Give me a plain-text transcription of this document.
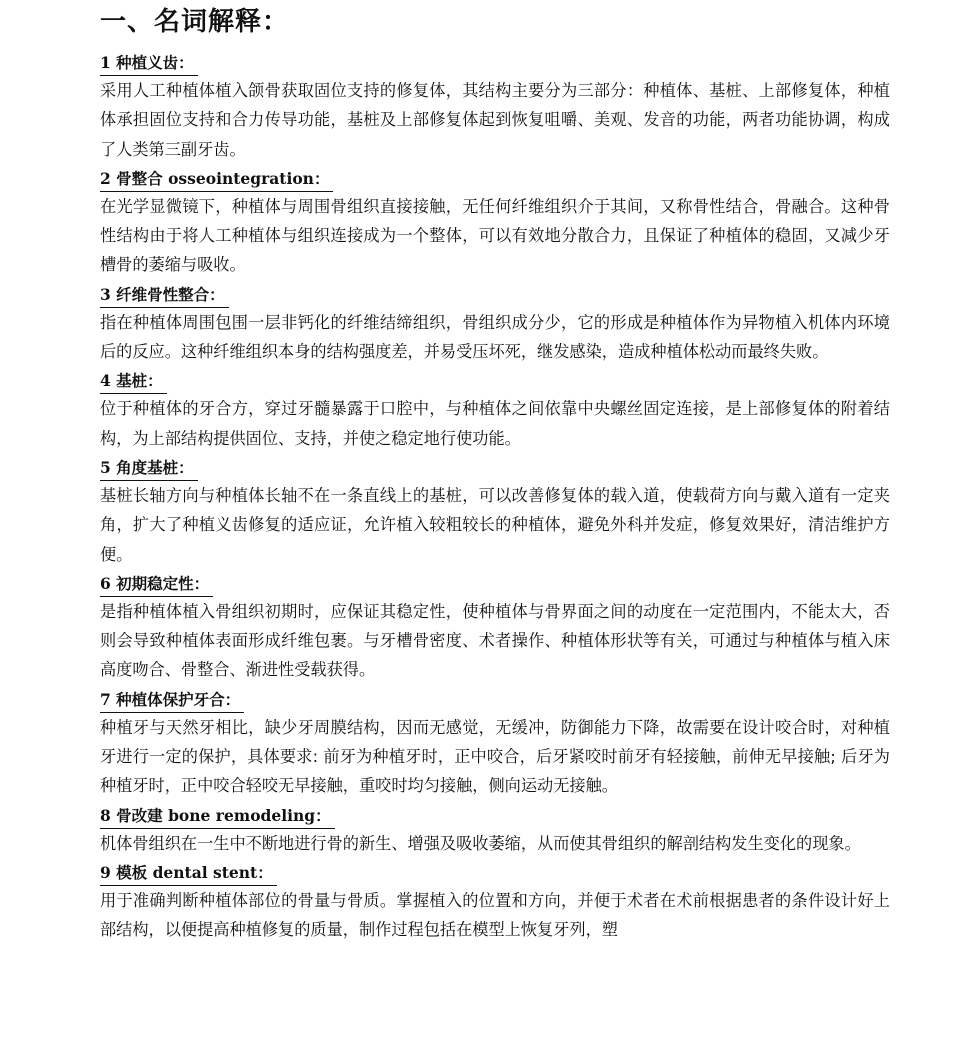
一、名词解释：
1 种植义齿：

采用人工种植体植入颌骨获取固位支持的修复体，其结构主要分为三部分：种植体、基桩、上部修复体，种植体承担固位支持和合力传导功能，基桩及上部修复体起到恢复咀嚼、美观、发音的功能，两者功能协调，构成了人类第三副牙齿。

2 骨整合 osseointegration：

在光学显微镜下，种植体与周围骨组织直接接触，无任何纤维组织介于其间，又称骨性结合，骨融合。这种骨性结构由于将人工种植体与组织连接成为一个整体，可以有效地分散合力，且保证了种植体的稳固，又减少牙槽骨的萎缩与吸收。

3 纤维骨性整合：

指在种植体周围包围一层非钙化的纤维结缔组织，骨组织成分少，它的形成是种植体作为异物植入机体内环境后的反应。这种纤维组织本身的结构强度差，并易受压坏死，继发感染，造成种植体松动而最终失败。

4 基桩：

位于种植体的牙合方，穿过牙髓暴露于口腔中，与种植体之间依靠中央螺丝固定连接，是上部修复体的附着结构，为上部结构提供固位、支持，并使之稳定地行使功能。

5 角度基桩：

基桩长轴方向与种植体长轴不在一条直线上的基桩，可以改善修复体的载入道，使载荷方向与戴入道有一定夹角，扩大了种植义齿修复的适应证，允许植入较粗较长的种植体，避免外科并发症，修复效果好，清洁维护方便。

6 初期稳定性：

是指种植体植入骨组织初期时，应保证其稳定性，使种植体与骨界面之间的动度在一定范围内，不能太大，否则会导致种植体表面形成纤维包裹。与牙槽骨密度、术者操作、种植体形状等有关，可通过与种植体与植入床高度吻合、骨整合、渐进性受载获得。

7 种植体保护牙合：

种植牙与天然牙相比，缺少牙周膜结构，因而无感觉，无缓冲，防御能力下降，故需要在设计咬合时，对种植牙进行一定的保护，具体要求: 前牙为种植牙时，正中咬合，后牙紧咬时前牙有轻接触，前伸无早接触; 后牙为种植牙时，正中咬合轻咬无早接触，重咬时均匀接触，侧向运动无接触。

8 骨改建 bone remodeling：

机体骨组织在一生中不断地进行骨的新生、增强及吸收萎缩，从而使其骨组织的解剖结构发生变化的现象。

9 模板 dental stent：

用于准确判断种植体部位的骨量与骨质。掌握植入的位置和方向，并便于术者在术前根据患者的条件设计好上部结构，以便提高种植修复的质量，制作过程包括在模型上恢复牙列，塑
